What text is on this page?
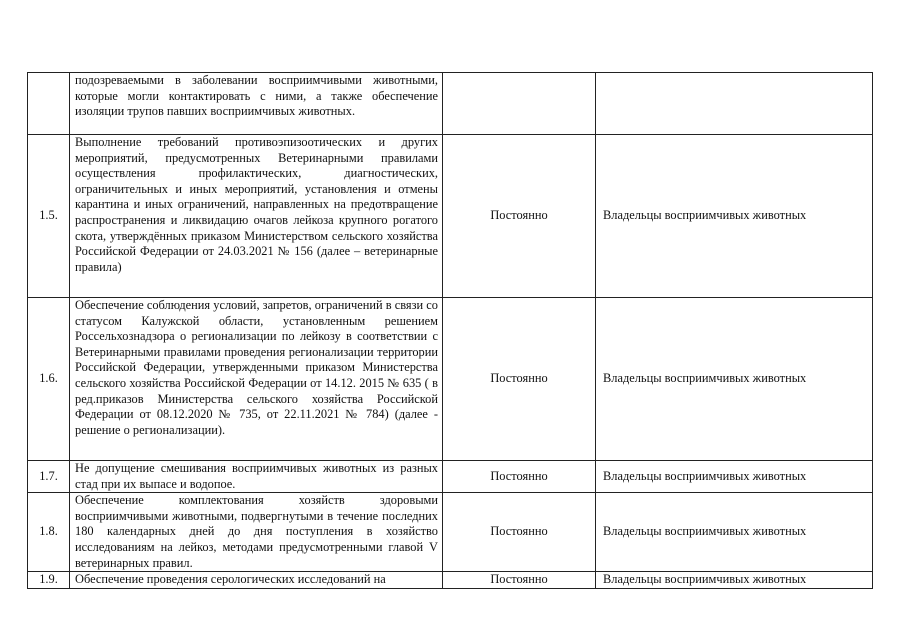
	подозреваемыми в заболевании восприимчивыми животными, которые могли контактировать с ними, а также обеспечение изоляции трупов павших восприимчивых животных.		
1.5.	Выполнение требований противоэпизоотических и других мероприятий, предусмотренных Ветеринарными правилами осуществления профилактических, диагностических, ограничительных и иных мероприятий, установления и отмены карантина и иных ограничений, направленных на предотвращение распространения и ликвидацию очагов лейкоза крупного рогатого скота, утверждённых приказом Министерством сельского хозяйства Российской Федерации от 24.03.2021 № 156 (далее – ветеринарные правила)	Постоянно	Владельцы восприимчивых животных
1.6.	Обеспечение соблюдения условий, запретов, ограничений в связи со статусом Калужской области, установленным решением Россельхознадзора о регионализации по лейкозу в соответствии с Ветеринарными правилами проведения регионализации территории Российской Федерации, утвержденными приказом Министерства сельского хозяйства Российской Федерации от 14.12. 2015 № 635 ( в ред.приказов Министерства сельского хозяйства Российской Федерации от 08.12.2020 № 735, от 22.11.2021 № 784) (далее - решение о регионализации).	Постоянно	Владельцы восприимчивых животных
1.7.	Не допущение смешивания восприимчивых животных из разных стад при их выпасе и водопое.	Постоянно	Владельцы восприимчивых животных
1.8.	Обеспечение комплектования хозяйств здоровыми восприимчивыми животными, подвергнутыми в течение последних 180 календарных дней до дня поступления в хозяйство исследованиям на лейкоз, методами предусмотренными главой V ветеринарных правил.	Постоянно	Владельцы восприимчивых животных

1.9.	Обеспечение проведения серологических исследований на	Постоянно	Владельцы восприимчивых животных
